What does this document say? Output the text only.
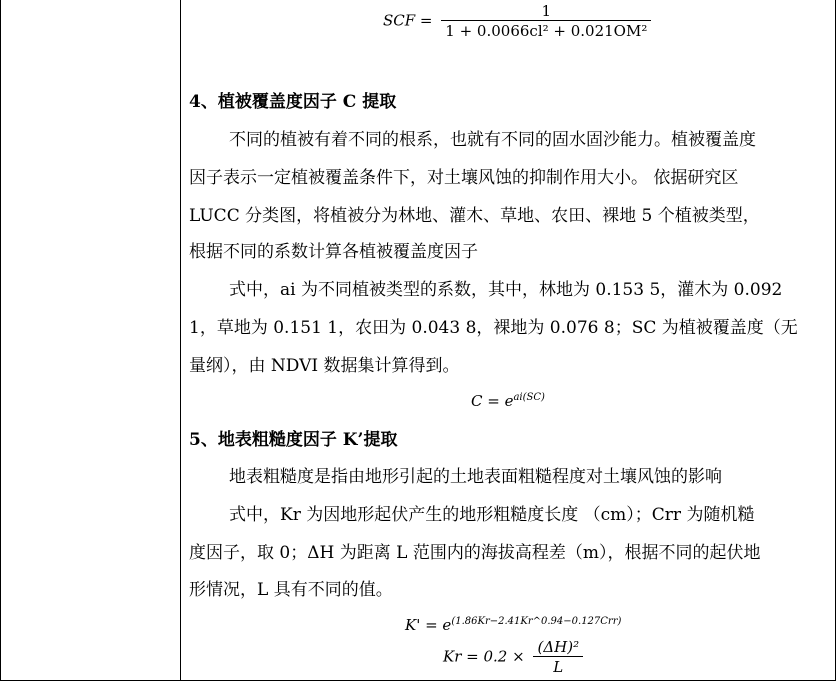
SCF = $\frac{1}{\text{1 + 0.0066cl² + 0.021OM²}}$
4、植被覆盖度因子 C 提取
不同的植被有着不同的根系，也就有不同的固水固沙能力。植被覆盖度
因子表示一定植被覆盖条件下，对土壤风蚀的抑制作用大小。 依据研究区
LUCC 分类图，将植被分为林地、灌木、草地、农田、裸地 5 个植被类型，
根据不同的系数计算各植被覆盖度因子
式中，ai 为不同植被类型的系数，其中，林地为 0.153 5，灌木为 0.092
1，草地为 0.151 1，农田为 0.043 8，裸地为 0.076 8；SC 为植被覆盖度（无
量纲），由 NDVI 数据集计算得到。
$C = e^{ai(SC)}$
5、地表粗糙度因子 K’提取
地表粗糙度是指由地形引起的土地表面粗糙程度对土壤风蚀的影响
式中，Kr 为因地形起伏产生的地形粗糙度长度 （cm）；Crr 为随机糙
度因子，取 0；ΔH 为距离 L 范围内的海拔高程差（m），根据不同的起伏地
形情况，L 具有不同的值。
$K' = e^{(1.86Kr-2.41Kr\^{}0.94-0.127Crr)}$
$Kr = 0.2 \times \frac{\text{(ΔH)²}}{L}$
